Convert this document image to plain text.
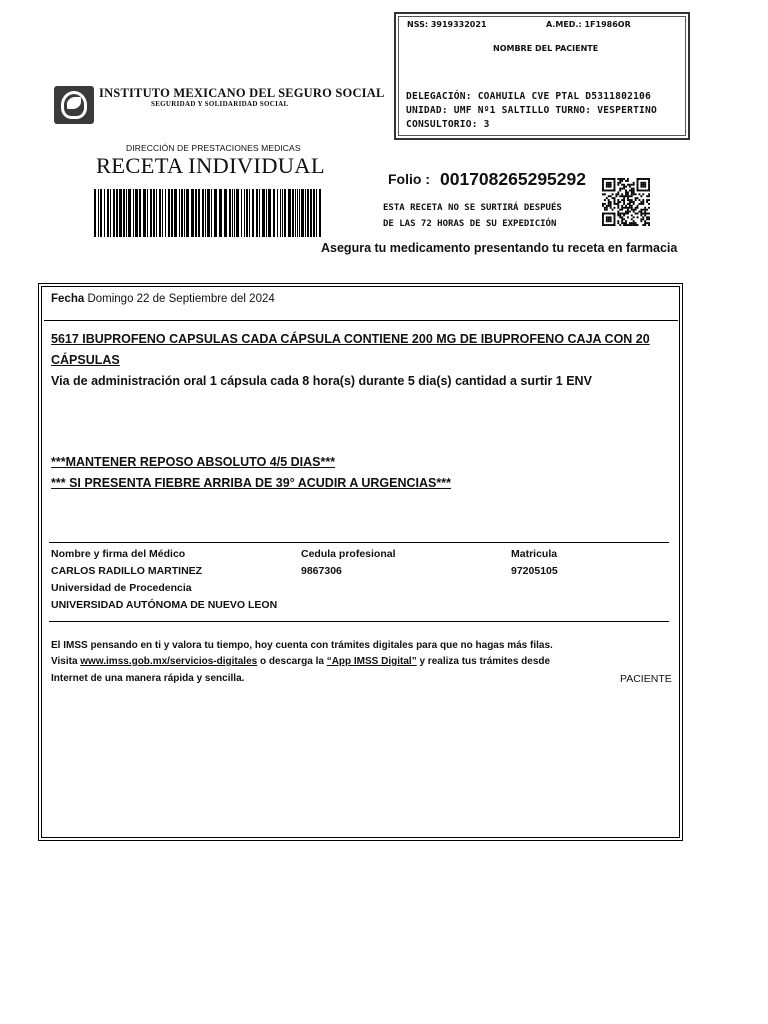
NSS: 3919332021	A.MED.: 1F1986OR
NOMBRE DEL PACIENTE
DELEGACIÓN: COAHUILA CVE PTAL D5311802106
UNIDAD: UMF Nº1 SALTILLO TURNO: VESPERTINO
CONSULTORIO: 3
INSTITUTO MEXICANO DEL SEGURO SOCIAL
SEGURIDAD Y SOLIDARIDAD SOCIAL
DIRECCIÓN DE PRESTACIONES MEDICAS
RECETA INDIVIDUAL
Folio : 001708265295292
ESTA RECETA NO SE SURTIRÁ DESPUÉS
DE LAS 72 HORAS DE SU EXPEDICIÓN
Asegura tu medicamento presentando tu receta en farmacia
Fecha Domingo 22 de Septiembre del 2024
5617 IBUPROFENO CAPSULAS CADA CÁPSULA CONTIENE 200 MG DE IBUPROFENO CAJA CON 20
CÁPSULAS
Via de administración oral 1 cápsula cada 8 hora(s) durante 5 dia(s) cantidad a surtir 1 ENV
***MANTENER REPOSO ABSOLUTO 4/5 DIAS***
*** SI PRESENTA FIEBRE ARRIBA DE 39° ACUDIR A URGENCIAS***
Nombre y firma del Médico	Cedula profesional	Matricula
CARLOS RADILLO MARTINEZ	9867306	97205105
Universidad de Procedencia
UNIVERSIDAD AUTÓNOMA DE NUEVO LEON
El IMSS pensando en ti y valora tu tiempo, hoy cuenta con trámites digitales para que no hagas más filas.
Visita www.imss.gob.mx/servicios-digitales o descarga la “App IMSS Digital” y realiza tus trámites desde
Internet de una manera rápida y sencilla.	PACIENTE
